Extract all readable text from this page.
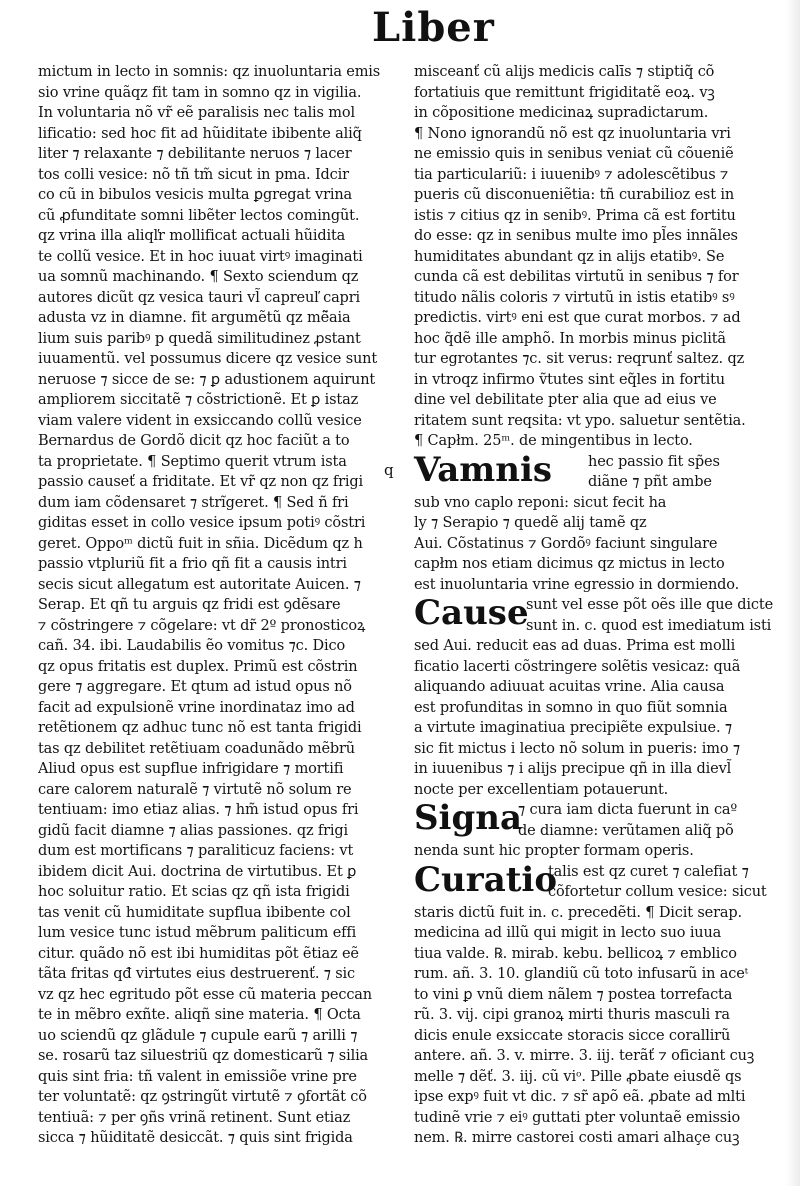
Liber
mictum in lecto in somnis: qz inuoluntaria emis
sio vrine quãqz fit tam in somno qz in vigilia.
In voluntaria nõ vr̃ eẽ paralisis nec talis mol
lificatio: sed hoc fit ad hũiditate ibibente aliq̃
liter ⁊ relaxante ⁊ debilitante neruos ⁊ lacer
tos colli vesice: nõ tñ tm̃ sicut in pma. Idcir
co cũ in bibulos vesicis multa ꝑgregat vrina
cũ ꝓfunditate somni libẽter lectos comingũt.
qz vrina illa aliqľr mollificat actuali hũidita
te collũ vesice. Et in hoc iuuat virtꝰ imaginati
ua somnũ machinando. ¶ Sexto sciendum qz
autores dicũt qz vesica tauri vl̃ capreuľ capri
adusta vz in diamne. fit argumẽtũ qz mẽ̃aia
lium suis paribꝰ p quedã similitudinez ꝓstant
iuuamentũ. vel possumus dicere qz vesice sunt
neruose ⁊ sicce de se: ⁊ ꝑ adustionem aquirunt
ampliorem siccitatẽ ⁊ cõstrictionẽ. Et ꝑ istaz
viam valere vident in exsiccando collũ vesice
Bernardus de Gordõ dicit qz hoc faciũt a to
ta proprietate. ¶ Septimo querit vtrum ista
passio causeť a friditate. Et vr̃ qz non qz frigi
dum iam cõdensaret ⁊ strĩgeret. ¶ Sed ñ fri
giditas esset in collo vesice ipsum potiꝰ cõstri
geret. Oppoᵐ dictũ fuit in sñia. Dicẽdum qz h
passio vtpluriũ fit a frio qñ fit a causis intri
secis sicut allegatum est autoritate Auicen. ⁊
Serap. Et qñ tu arguis qz fridi est ꝯdẽsare
⁊ cõstringere ⁊ cõgelare: vt dr̃ 2º pronosticoꝝ
cañ. 34. ibi. Laudabilis ẽo vomitus ⁊c. Dico
qz opus fritatis est duplex. Primũ est cõstrin
gere ⁊ aggregare. Et qtum ad istud opus nõ
facit ad expulsionẽ vrine inordinataz imo ad
retẽtionem qz adhuc tunc nõ est tanta frigidi
tas qz debilitet retẽtiuam coadunãdo mẽbrũ
Aliud opus est supflue infrigidare ⁊ mortifi
care calorem naturalẽ ⁊ virtutẽ nõ solum re
tentiuam: imo etiaz alias. ⁊ hm̃ istud opus fri
gidũ facit diamne ⁊ alias passiones. qz frigi
dum est mortificans ⁊ paraliticuz faciens: vt
ibidem dicit Aui. doctrina de virtutibus. Et ꝑ
hoc soluitur ratio. Et scias qz qñ ista frigidi
tas venit cũ humiditate supflua ibibente col
lum vesice tunc istud mẽbrum paliticum effi
citur. quãdo nõ est ibi humiditas põt ẽtiaz eẽ
tãta fritas qđ virtutes eius destruerenť. ⁊ sic
vz qz hec egritudo põt esse cũ materia peccan
te in mẽbro exñte. aliqñ sine materia. ¶ Octa
uo sciendũ qz glãdule ⁊ cupule earũ ⁊ arilli ⁊
se. rosarũ taz siluestriũ qz domesticarũ ⁊ silia
quis sint fria: tñ valent in emissiõe vrine pre
ter voluntatẽ: qz ꝯstringũt virtutẽ ⁊ ꝯfortãt cõ
tentiuã: ⁊ per ꝯñs vrinã retinent. Sunt etiaz
sicca ⁊ hũiditatẽ desiccãt. ⁊ quis sint frigida
misceanť cũ alijs medicis calīs ⁊ stiptiq̃ cõ
fortatiuis que remittunt frigiditatẽ eoꝝ. vꝫ
in cõpositione medicinaꝝ supradictarum.
¶ Nono ignorandũ nõ est qz inuoluntaria vri
ne emissio quis in senibus veniat cũ cõueniẽ
tia particulariũ: i iuuenibꝰ ⁊ adolescẽtibus ⁊
pueris cũ disconueniẽtia: tñ curabilioz est in
istis ⁊ citius qz in senibꝰ. Prima cã est fortitu
do esse: qz in senibus multe imo pl̃es innãles
humiditates abundant qz in alijs etatibꝰ. Se
cunda cã est debilitas virtutũ in senibus ⁊ for
titudo nãlis coloris ⁊ virtutũ in istis etatibꝰ sꝰ
predictis. virtꝰ eni est que curat morbos. ⁊ ad
hoc q̃dẽ ille amphõ. In morbis minus piclitã
tur egrotantes ⁊c. sit verus: reqrunť saltez. qz
in vtroqz infirmo ṽtutes sint eq̃les in fortitu
dine vel debilitate pter alia que ad eius ve
ritatem sunt reqsita: vt ypo. saluetur sentẽtia.
¶ Capłm. 25ᵐ. de mingentibus in lecto.
Vamnis
q	hec passio fit sp̃es
diãne ⁊ pñt ambe
sub vno caplo reponi: sicut fecit ha
ly ⁊ Serapio ⁊ quedẽ alij tamẽ qz
Aui. Cõstatinus ⁊ Gordõꝰ faciunt singulare
capłm nos etiam dicimus qz mictus in lecto
est inuoluntaria vrine egressio in dormiendo.
Cause
sunt vel esse põt oẽs ille que dicte
sunt in. c. quod est imediatum isti
sed Aui. reducit eas ad duas. Prima est molli
ficatio lacerti cõstringere solẽtis vesicaz: quã
aliquando adiuuat acuitas vrine. Alia causa
est profunditas in somno in quo fiũt somnia
a virtute imaginatiua precipiẽte expulsiue. ⁊
sic fit mictus i lecto nõ solum in pueris: imo ⁊
in iuuenibus ⁊ i alijs precipue qñ in illa dievl̃
nocte per excellentiam potauerunt.
Signa
⁊ cura iam dicta fuerunt in caº
de diamne: verũtamen aliq̃ põ
nenda sunt hic propter formam operis.
Curatio
talis est qz curet ⁊ calefiat ⁊
cõfortetur collum vesice: sicut
staris dictũ fuit in. c. precedẽti. ¶ Dicit serap.
medicina ad illũ qui migit in lecto suo iuua
tiua valde. ℞. mirab. kebu. bellicoꝝ ⁊ emblico
rum. añ. 3. 10. glandiũ cũ toto infusarũ in aceᵗ
to vini ꝑ vnũ diem nãlem ⁊ postea torrefacta
rũ. 3. vij. cipi granoꝝ mirti thuris masculi ra
dicis enule exsiccate storacis sicce corallirũ
antere. añ. 3. v. mirre. 3. iij. terãť ⁊ oficiant cuꝫ
melle ⁊ dẽť. 3. iij. cũ viᵒ. Pille ꝓbate eiusdẽ qs
ipse expꝰ fuit vt dic. ⁊ sr̃ apõ eã. ꝓbate ad mlti
tudinẽ vrie ⁊ eiꝰ guttati pter voluntaẽ emissio
nem. ℞. mirre castorei costi amari alhaçe cuꝫ
